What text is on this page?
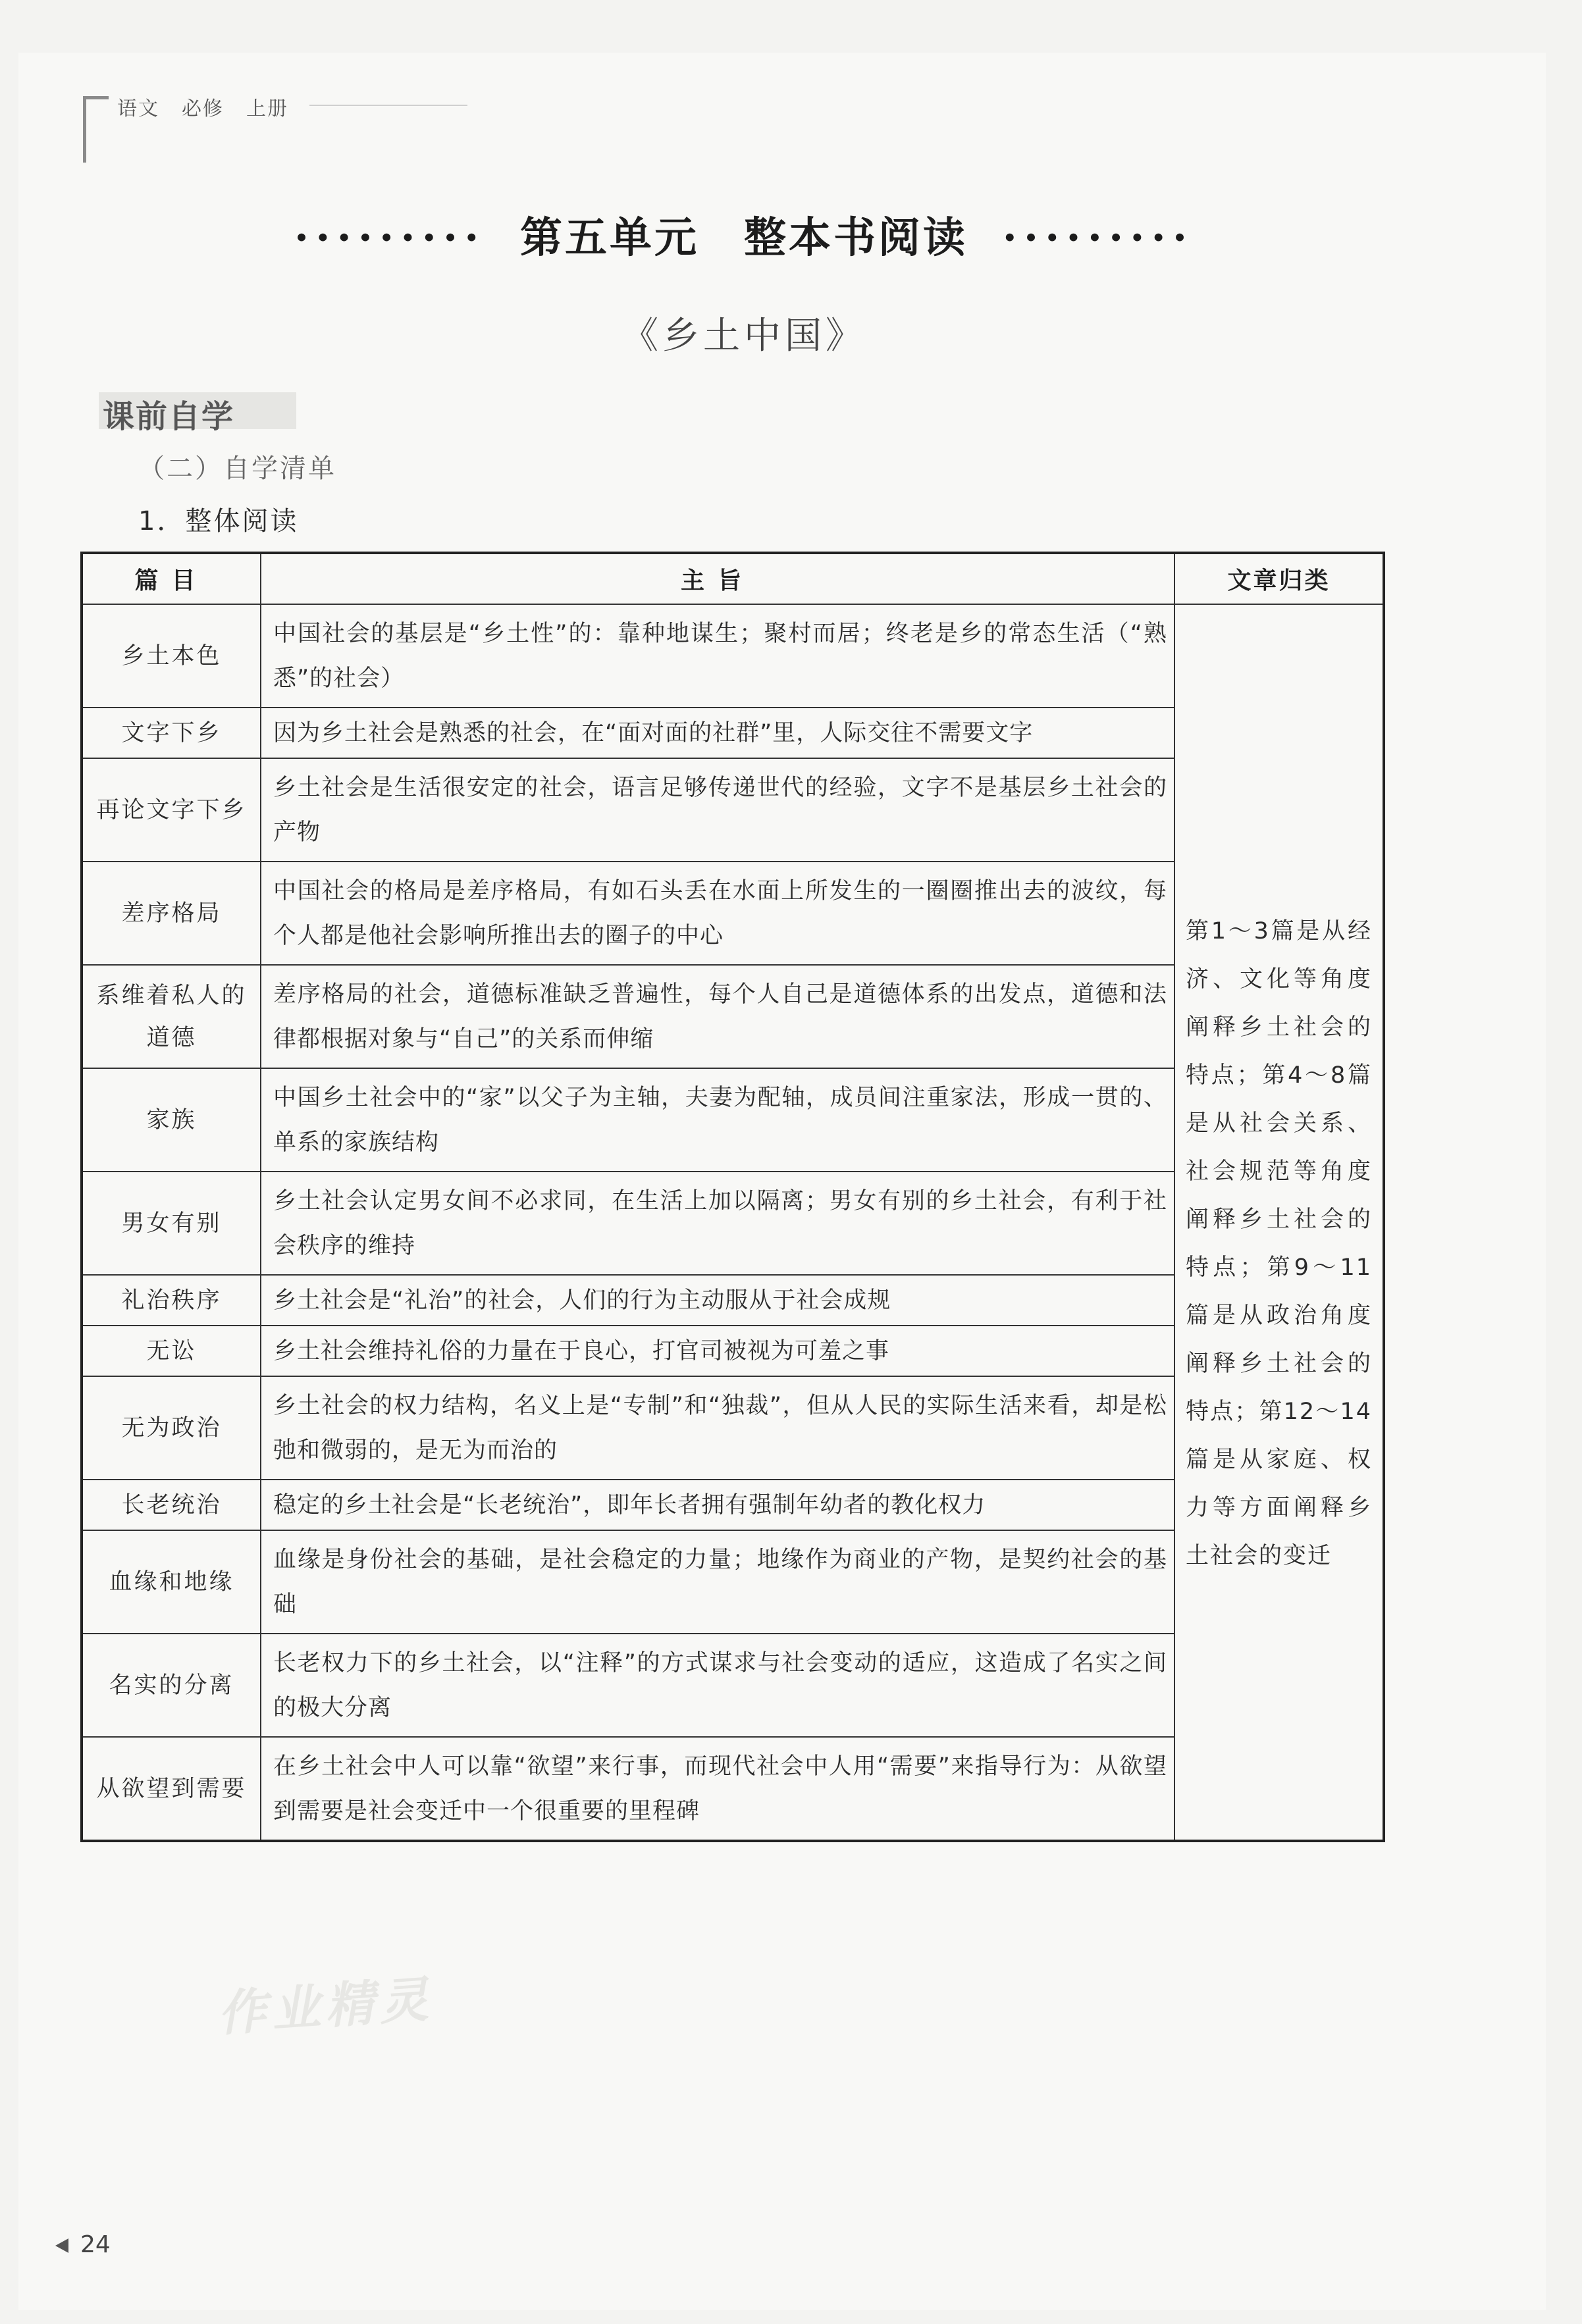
语文 必修 上册
········· 第五单元　整本书阅读 ·········
《乡土中国》
课前自学
（二）自学清单
1．整体阅读
篇目	主旨	文章归类
乡土本色	中国社会的基层是“乡土性”的：靠种地谋生；聚村而居；终老是乡的常态生活（“熟悉”的社会）	第1～3篇是从经济、文化等角度阐释乡土社会的特点；第4～8篇是从社会关系、社会规范等角度阐释乡土社会的特点；第9～11篇是从政治角度阐释乡土社会的特点；第12～14篇是从家庭、权力等方面阐释乡土社会的变迁

文字下乡	因为乡土社会是熟悉的社会，在“面对面的社群”里，人际交往不需要文字	
再论文字下乡	乡土社会是生活很安定的社会，语言足够传递世代的经验，文字不是基层乡土社会的产物	
差序格局	中国社会的格局是差序格局，有如石头丢在水面上所发生的一圈圈推出去的波纹，每个人都是他社会影响所推出去的圈子的中心	
系维着私人的道德	差序格局的社会，道德标准缺乏普遍性，每个人自己是道德体系的出发点，道德和法律都根据对象与“自己”的关系而伸缩	
家族	中国乡土社会中的“家”以父子为主轴，夫妻为配轴，成员间注重家法，形成一贯的、单系的家族结构	
男女有别	乡土社会认定男女间不必求同，在生活上加以隔离；男女有别的乡土社会，有利于社会秩序的维持	
礼治秩序	乡土社会是“礼治”的社会，人们的行为主动服从于社会成规	
无讼	乡土社会维持礼俗的力量在于良心，打官司被视为可羞之事	
无为政治	乡土社会的权力结构，名义上是“专制”和“独裁”，但从人民的实际生活来看，却是松弛和微弱的，是无为而治的	
长老统治	稳定的乡土社会是“长老统治”，即年长者拥有强制年幼者的教化权力	
血缘和地缘	血缘是身份社会的基础，是社会稳定的力量；地缘作为商业的产物，是契约社会的基础	
名实的分离	长老权力下的乡土社会，以“注释”的方式谋求与社会变动的适应，这造成了名实之间的极大分离	
从欲望到需要	在乡土社会中人可以靠“欲望”来行事，而现代社会中人用“需要”来指导行为：从欲望到需要是社会变迁中一个很重要的里程碑	
作业精灵
24
